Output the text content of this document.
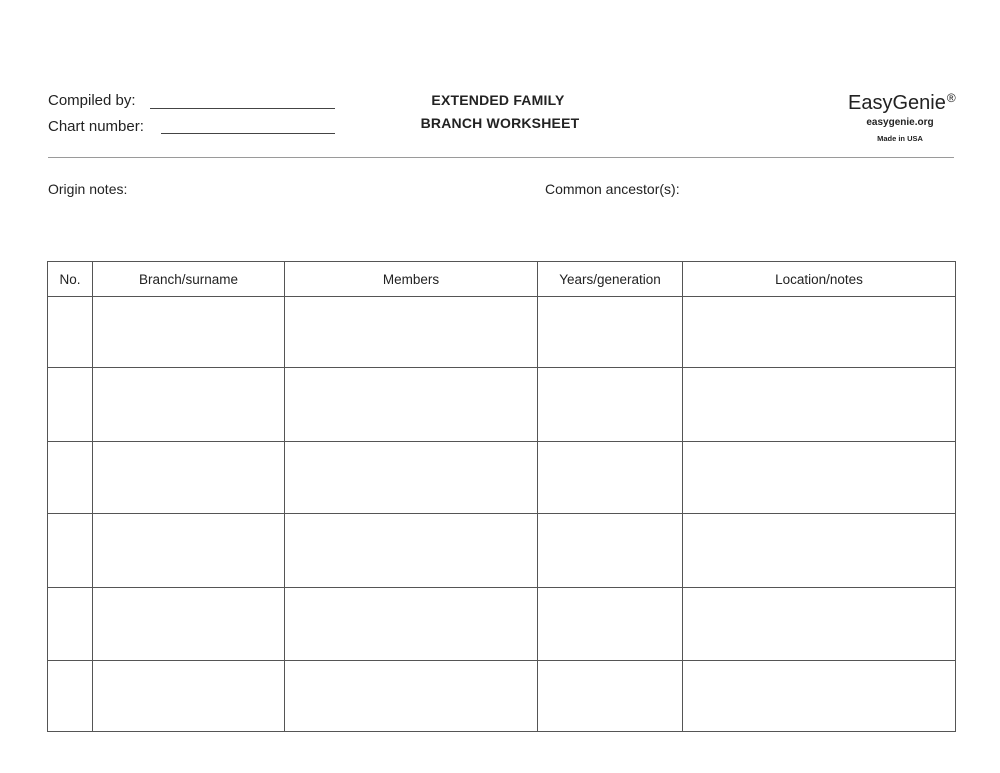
Compiled by:
Chart number:
EXTENDED FAMILY
BRANCH WORKSHEET
EasyGenie®
easygenie.org
Made in USA
Origin notes:	Common ancestor(s):
No.	Branch/surname	Members	Years/generation	Location/notes
